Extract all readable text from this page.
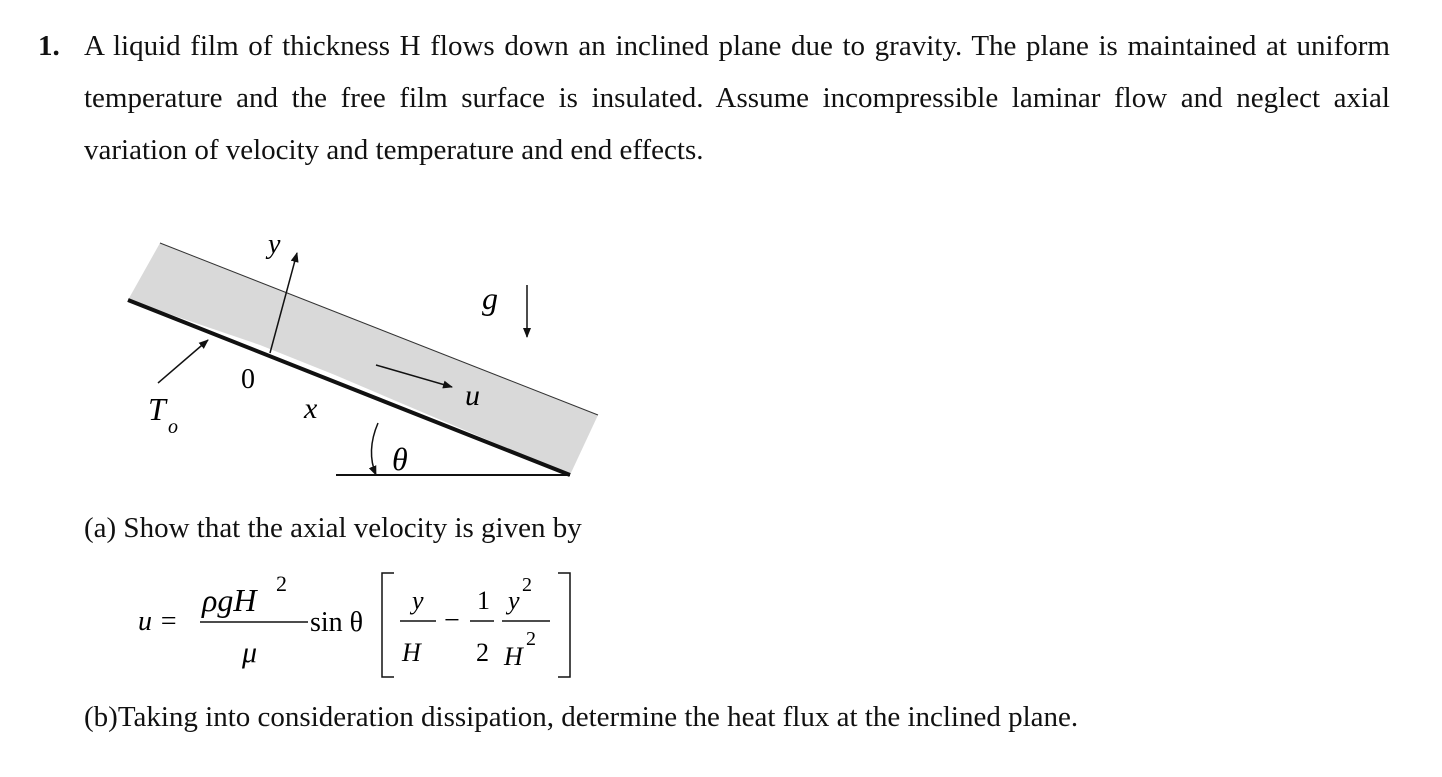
1. A liquid film of thickness H flows down an inclined plane due to gravity. The plane is maintained at uniform temperature and the free film surface is insulated. Assume incompressible laminar flow and neglect axial variation of velocity and temperature and end effects.
y
g
0
x	u
T o
θ
(a) Show that the axial velocity is given by
u =
ρgH 2
μ
sin θ
y
H
−
1
2
y
2
H
2
(b)Taking into consideration dissipation, determine the heat flux at the inclined plane.
